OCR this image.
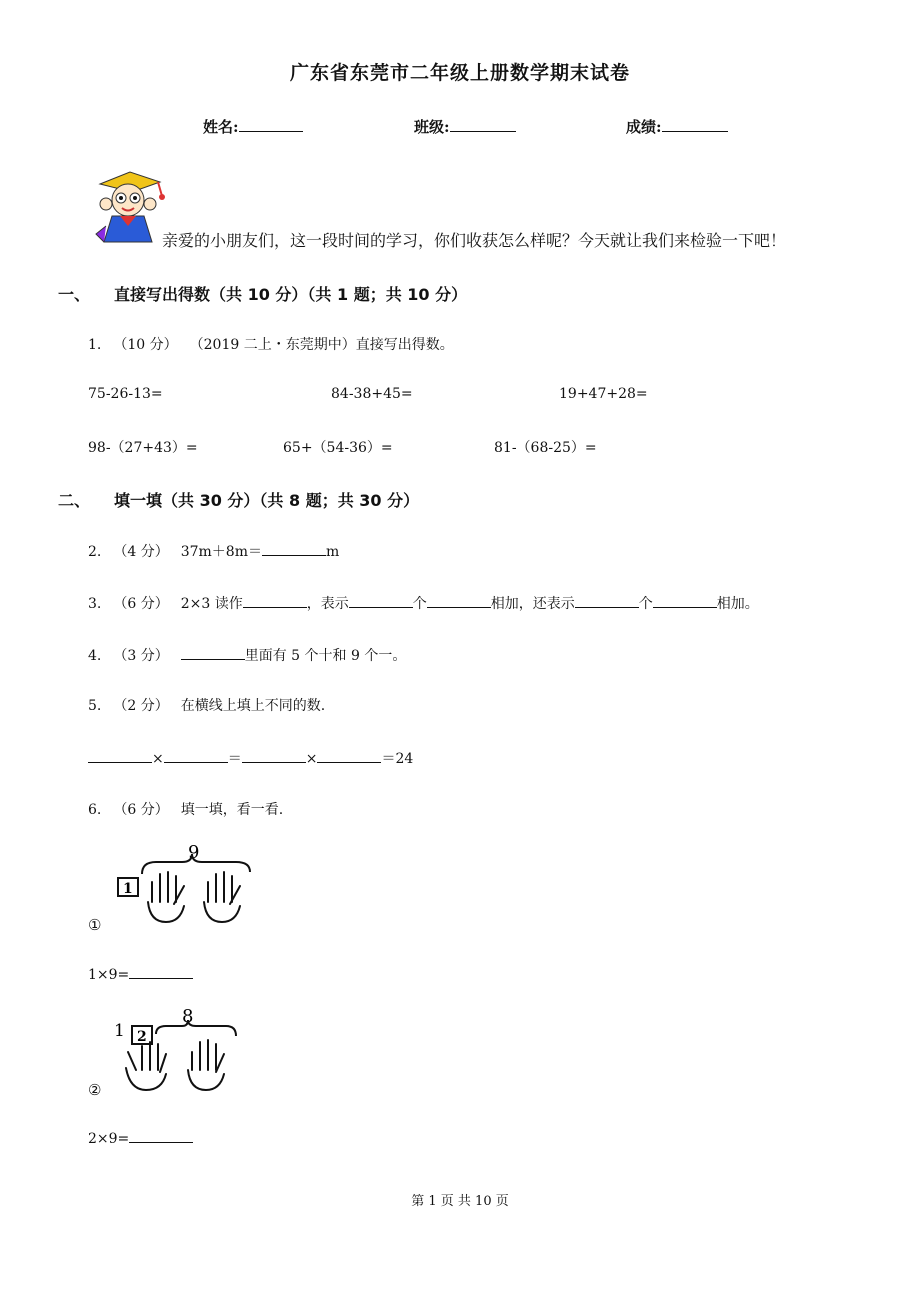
广东省东莞市二年级上册数学期末试卷
姓名:	班级:	成绩:
亲爱的小朋友们，这一段时间的学习，你们收获怎么样呢？今天就让我们来检验一下吧！
一、 直接写出得数（共 10 分）（共 1 题；共 10 分）
1. （10 分） （2019 二上・东莞期中）直接写出得数。
75-26-13=	84-38+45=	19+47+28=
98-（27+43）=	65+（54-36）=	81-（68-25）=
二、 填一填（共 30 分）（共 8 题；共 30 分）
2. （4 分） 37m＋8m＝	m
3. （6 分） 2×3 读作	，表示	个	相加，还表示	个	相加。
4. （3 分）	里面有 5 个十和 9 个一。
5. （2 分） 在横线上填上不同的数.
×	＝	×	＝24
6. （6 分） 填一填，看一看.
9
1
①
1×9=
8
1 2
②
2×9=
第 1 页 共 10 页
